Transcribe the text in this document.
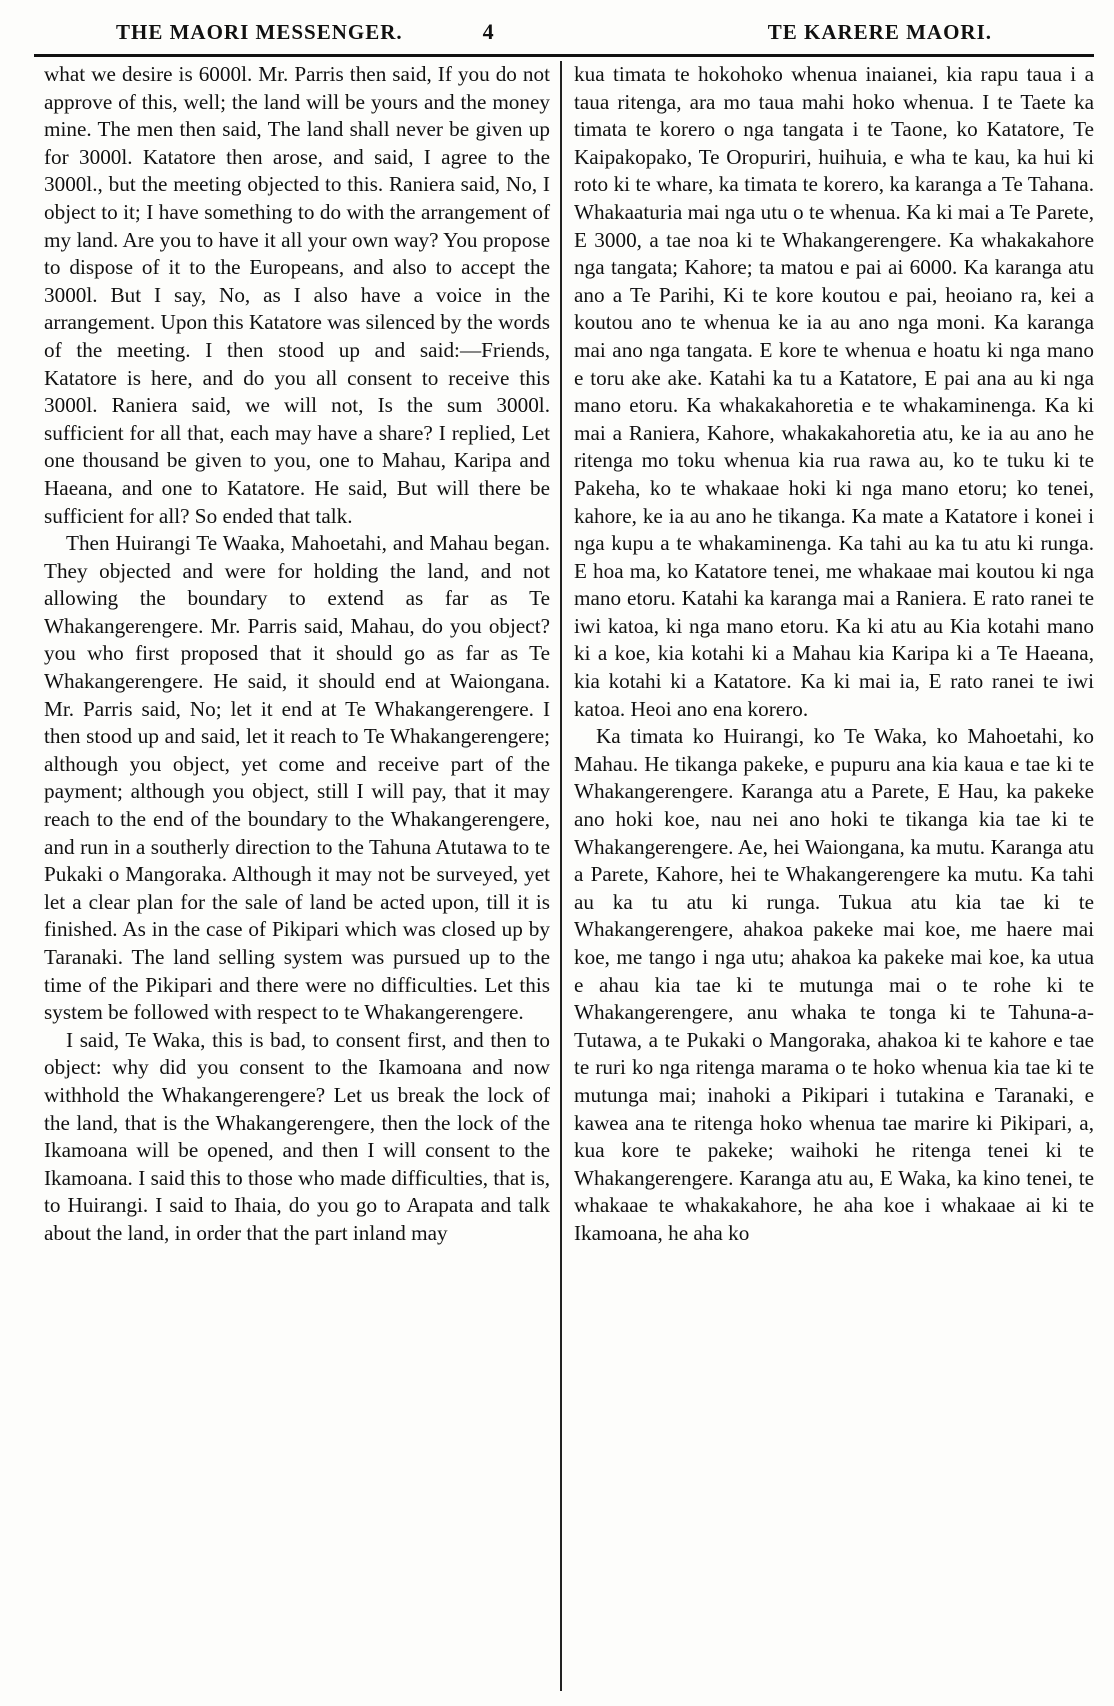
THE MAORI MESSENGER.	4	TE KARERE MAORI.

what we desire is 6000l. Mr. Parris then said, If you do not approve of this, well; the land will be yours and the money mine. The men then said, The land shall never be given up for 3000l. Katatore then arose, and said, I agree to the 3000l., but the meeting objected to this. Raniera said, No, I object to it; I have something to do with the arrangement of my land. Are you to have it all your own way? You propose to dispose of it to the Europeans, and also to accept the 3000l. But I say, No, as I also have a voice in the arrangement. Upon this Katatore was silenced by the words of the meeting. I then stood up and said:—Friends, Katatore is here, and do you all consent to receive this 3000l. Raniera said, we will not, Is the sum 3000l. sufficient for all that, each may have a share? I replied, Let one thousand be given to you, one to Mahau, Karipa and Haeana, and one to Katatore. He said, But will there be sufficient for all? So ended that talk.

Then Huirangi Te Waaka, Mahoetahi, and Mahau began. They objected and were for holding the land, and not allowing the boundary to extend as far as Te Whakangerengere. Mr. Parris said, Mahau, do you object? you who first proposed that it should go as far as Te Whakangerengere. He said, it should end at Waiongana. Mr. Parris said, No; let it end at Te Whakangerengere. I then stood up and said, let it reach to Te Whakangerengere; although you object, yet come and receive part of the payment; although you object, still I will pay, that it may reach to the end of the boundary to the Whakangerengere, and run in a southerly direction to the Tahuna Atutawa to te Pukaki o Mangoraka. Although it may not be surveyed, yet let a clear plan for the sale of land be acted upon, till it is finished. As in the case of Pikipari which was closed up by Taranaki. The land selling system was pursued up to the time of the Pikipari and there were no difficulties. Let this system be followed with respect to te Whakangerengere.

I said, Te Waka, this is bad, to consent first, and then to object: why did you consent to the Ikamoana and now withhold the Whakangerengere? Let us break the lock of the land, that is the Whakangerengere, then the lock of the Ikamoana will be opened, and then I will consent to the Ikamoana. I said this to those who made difficulties, that is, to Huirangi. I said to Ihaia, do you go to Arapata and talk about the land, in order that the part inland may

kua timata te hokohoko whenua inaianei, kia rapu taua i a taua ritenga, ara mo taua mahi hoko whenua. I te Taete ka timata te korero o nga tangata i te Taone, ko Katatore, Te Kaipakopako, Te Oropuriri, huihuia, e wha te kau, ka hui ki roto ki te whare, ka timata te korero, ka karanga a Te Tahana. Whakaaturia mai nga utu o te whenua. Ka ki mai a Te Parete, E 3000, a tae noa ki te Whakangerengere. Ka whakakahore nga tangata; Kahore; ta matou e pai ai 6000. Ka karanga atu ano a Te Parihi, Ki te kore koutou e pai, heoiano ra, kei a koutou ano te whenua ke ia au ano nga moni. Ka karanga mai ano nga tangata. E kore te whenua e hoatu ki nga mano e toru ake ake. Katahi ka tu a Katatore, E pai ana au ki nga mano etoru. Ka whakakahoretia e te whakaminenga. Ka ki mai a Raniera, Kahore, whakakahoretia atu, ke ia au ano he ritenga mo toku whenua kia rua rawa au, ko te tuku ki te Pakeha, ko te whakaae hoki ki nga mano etoru; ko tenei, kahore, ke ia au ano he tikanga. Ka mate a Katatore i konei i nga kupu a te whakaminenga. Ka tahi au ka tu atu ki runga. E hoa ma, ko Katatore tenei, me whakaae mai koutou ki nga mano etoru. Katahi ka karanga mai a Raniera. E rato ranei te iwi katoa, ki nga mano etoru. Ka ki atu au Kia kotahi mano ki a koe, kia kotahi ki a Mahau kia Karipa ki a Te Haeana, kia kotahi ki a Katatore. Ka ki mai ia, E rato ranei te iwi katoa. Heoi ano ena korero.

Ka timata ko Huirangi, ko Te Waka, ko Mahoetahi, ko Mahau. He tikanga pakeke, e pupuru ana kia kaua e tae ki te Whakangerengere. Karanga atu a Parete, E Hau, ka pakeke ano hoki koe, nau nei ano hoki te tikanga kia tae ki te Whakangerengere. Ae, hei Waiongana, ka mutu. Karanga atu a Parete, Kahore, hei te Whakangerengere ka mutu. Ka tahi au ka tu atu ki runga. Tukua atu kia tae ki te Whakangerengere, ahakoa pakeke mai koe, me haere mai koe, me tango i nga utu; ahakoa ka pakeke mai koe, ka utua e ahau kia tae ki te mutunga mai o te rohe ki te Whakangerengere, anu whaka te tonga ki te Tahuna-a-Tutawa, a te Pukaki o Mangoraka, ahakoa ki te kahore e tae te ruri ko nga ritenga marama o te hoko whenua kia tae ki te mutunga mai; inahoki a Pikipari i tutakina e Taranaki, e kawea ana te ritenga hoko whenua tae marire ki Pikipari, a, kua kore te pakeke; waihoki he ritenga tenei ki te Whakangerengere. Karanga atu au, E Waka, ka kino tenei, te whakaae te whakakahore, he aha koe i whakaae ai ki te Ikamoana, he aha ko
